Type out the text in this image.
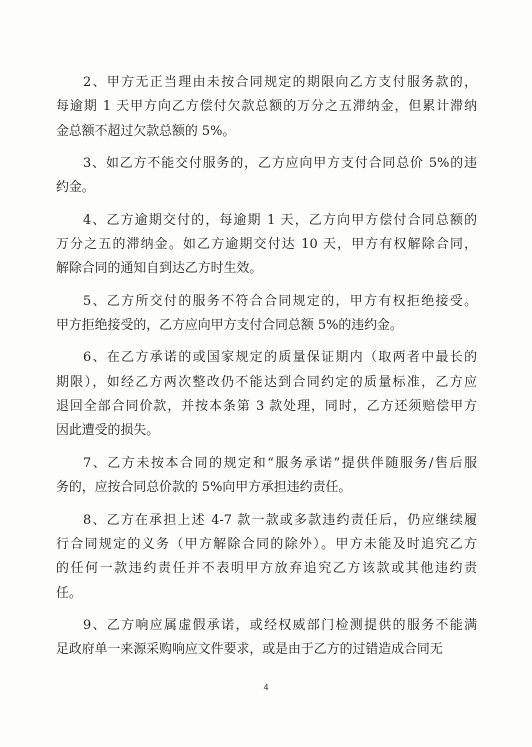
2、甲方无正当理由未按合同规定的期限向乙方支付服务款的，
每逾期 1 天甲方向乙方偿付欠款总额的万分之五滞纳金，但累计滞纳
金总额不超过欠款总额的 5%。
3、如乙方不能交付服务的，乙方应向甲方支付合同总价 5%的违
约金。
4、乙方逾期交付的，每逾期 1 天，乙方向甲方偿付合同总额的
万分之五的滞纳金。如乙方逾期交付达 10 天，甲方有权解除合同，
解除合同的通知自到达乙方时生效。
5、乙方所交付的服务不符合合同规定的，甲方有权拒绝接受。
甲方拒绝接受的，乙方应向甲方支付合同总额 5%的违约金。
6、在乙方承诺的或国家规定的质量保证期内（取两者中最长的
期限），如经乙方两次整改仍不能达到合同约定的质量标准，乙方应
退回全部合同价款，并按本条第 3 款处理，同时，乙方还须赔偿甲方
因此遭受的损失。
7、乙方未按本合同的规定和“服务承诺”提供伴随服务/售后服
务的，应按合同总价款的 5%向甲方承担违约责任。
8、乙方在承担上述 4-7 款一款或多款违约责任后，仍应继续履
行合同规定的义务（甲方解除合同的除外）。甲方未能及时追究乙方
的任何一款违约责任并不表明甲方放弃追究乙方该款或其他违约责
任。
9、乙方响应属虚假承诺，或经权威部门检测提供的服务不能满
足政府单一来源采购响应文件要求，或是由于乙方的过错造成合同无
4
